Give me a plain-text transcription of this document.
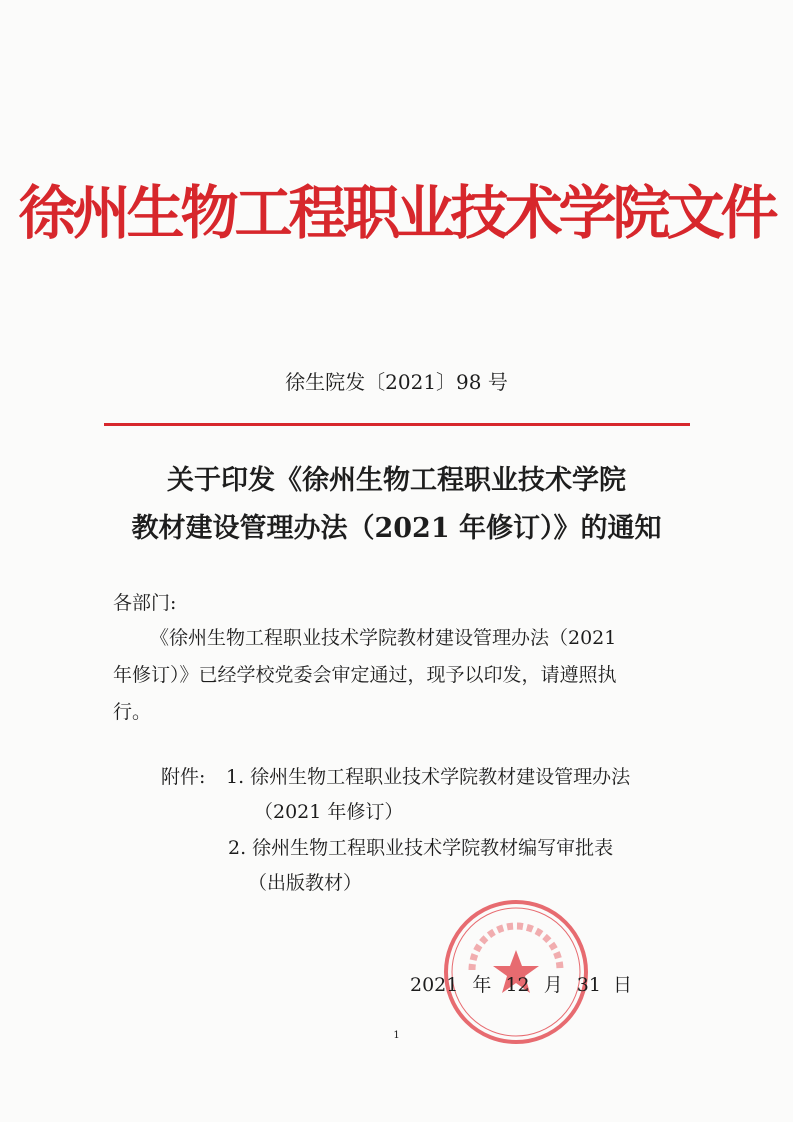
徐州生物工程职业技术学院文件
徐生院发〔2021〕98 号
关于印发《徐州生物工程职业技术学院
教材建设管理办法（2021 年修订）》的通知
各部门:
《徐州生物工程职业技术学院教材建设管理办法（2021
年修订）》已经学校党委会审定通过，现予以印发，请遵照执
行。
附件: 1. 徐州生物工程职业技术学院教材建设管理办法
（2021 年修订）
2. 徐州生物工程职业技术学院教材编写审批表
（出版教材）
2021 年 12 月 31 日
1
